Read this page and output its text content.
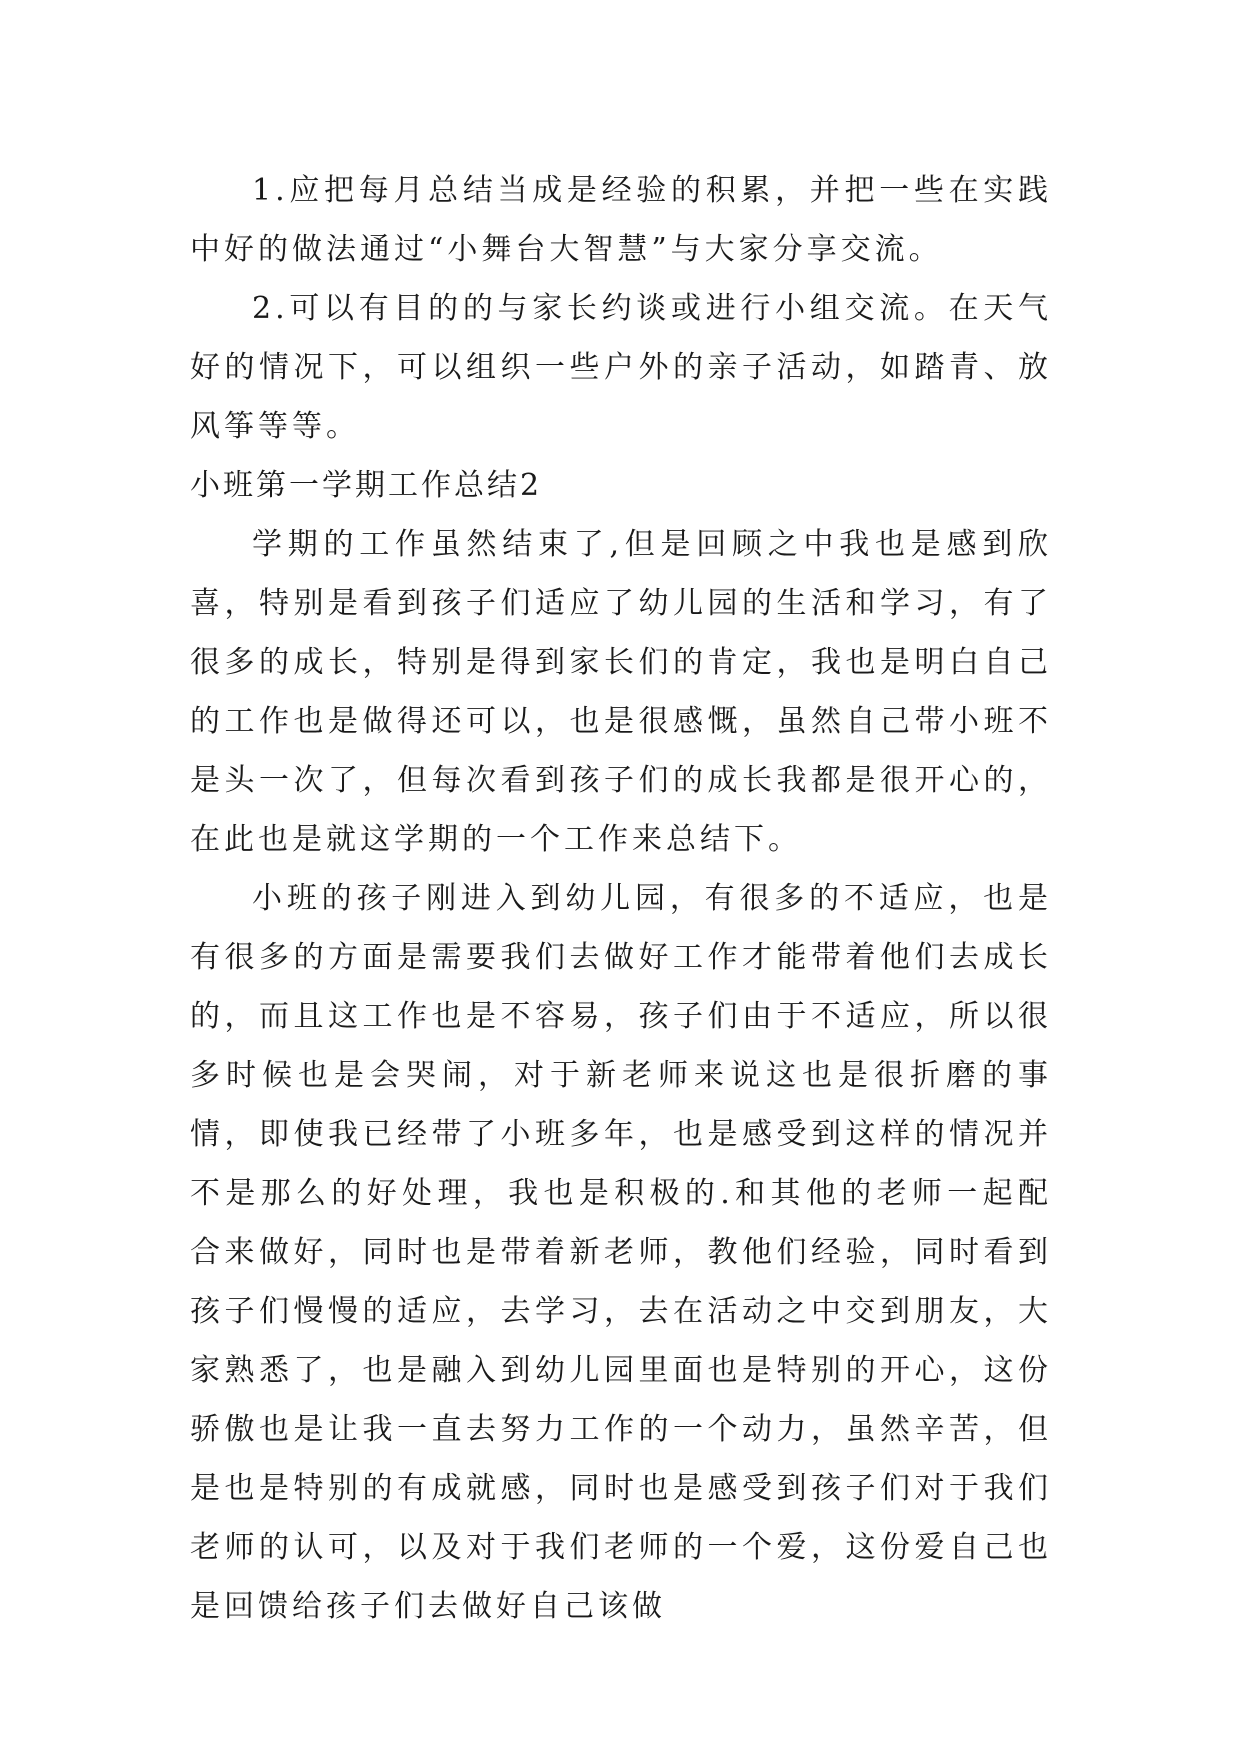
1.应把每月总结当成是经验的积累，并把一些在实践中好的做法通过“小舞台大智慧”与大家分享交流。

2.可以有目的的与家长约谈或进行小组交流。在天气好的情况下，可以组织一些户外的亲子活动，如踏青、放风筝等等。

小班第一学期工作总结2

学期的工作虽然结束了,但是回顾之中我也是感到欣喜，特别是看到孩子们适应了幼儿园的生活和学习，有了很多的成长，特别是得到家长们的肯定，我也是明白自己的工作也是做得还可以，也是很感慨，虽然自己带小班不是头一次了，但每次看到孩子们的成长我都是很开心的，在此也是就这学期的一个工作来总结下。

小班的孩子刚进入到幼儿园，有很多的不适应，也是有很多的方面是需要我们去做好工作才能带着他们去成长的，而且这工作也是不容易，孩子们由于不适应，所以很多时候也是会哭闹，对于新老师来说这也是很折磨的事情，即使我已经带了小班多年，也是感受到这样的情况并不是那么的好处理，我也是积极的.和其他的老师一起配合来做好，同时也是带着新老师，教他们经验，同时看到孩子们慢慢的适应，去学习，去在活动之中交到朋友，大家熟悉了，也是融入到幼儿园里面也是特别的开心，这份骄傲也是让我一直去努力工作的一个动力，虽然辛苦，但是也是特别的有成就感，同时也是感受到孩子们对于我们老师的认可，以及对于我们老师的一个爱，这份爱自己也是回馈给孩子们去做好自己该做
